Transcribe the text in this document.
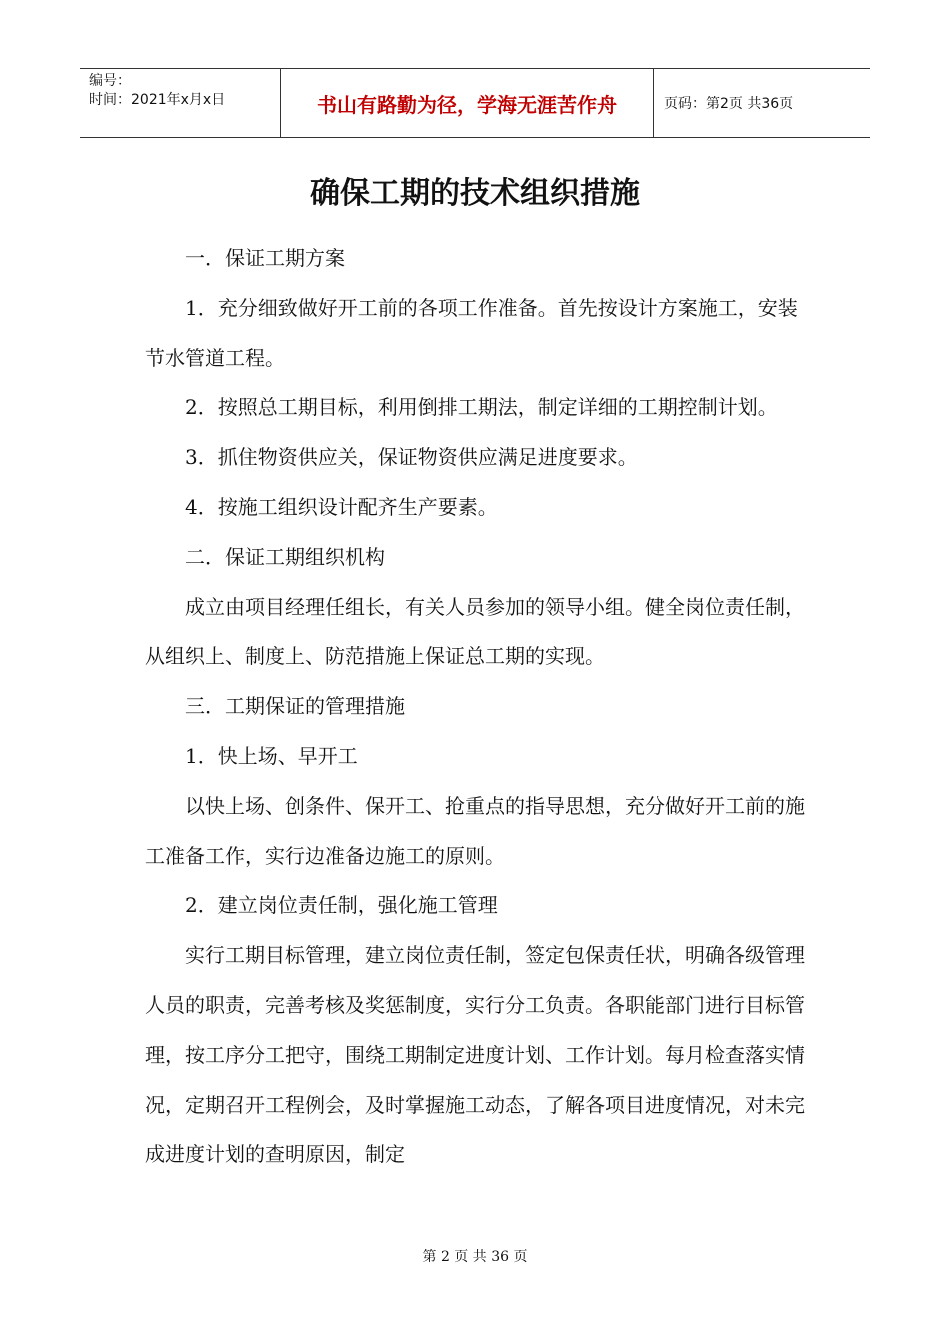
编号：
时间：2021年x月x日	书山有路勤为径，学海无涯苦作舟	页码：第2页 共36页
确保工期的技术组织措施

一．保证工期方案

1．充分细致做好开工前的各项工作准备。首先按设计方案施工，安装节水管道工程。

2．按照总工期目标，利用倒排工期法，制定详细的工期控制计划。

3．抓住物资供应关，保证物资供应满足进度要求。

4．按施工组织设计配齐生产要素。

二．保证工期组织机构

成立由项目经理任组长，有关人员参加的领导小组。健全岗位责任制，从组织上、制度上、防范措施上保证总工期的实现。

三．工期保证的管理措施

1．快上场、早开工

以快上场、创条件、保开工、抢重点的指导思想，充分做好开工前的施工准备工作，实行边准备边施工的原则。

2．建立岗位责任制，强化施工管理

实行工期目标管理，建立岗位责任制，签定包保责任状，明确各级管理人员的职责，完善考核及奖惩制度，实行分工负责。各职能部门进行目标管理，按工序分工把守，围绕工期制定进度计划、工作计划。每月检查落实情况，定期召开工程例会，及时掌握施工动态，了解各项目进度情况，对未完成进度计划的查明原因，制定

第 2 页 共 36 页
